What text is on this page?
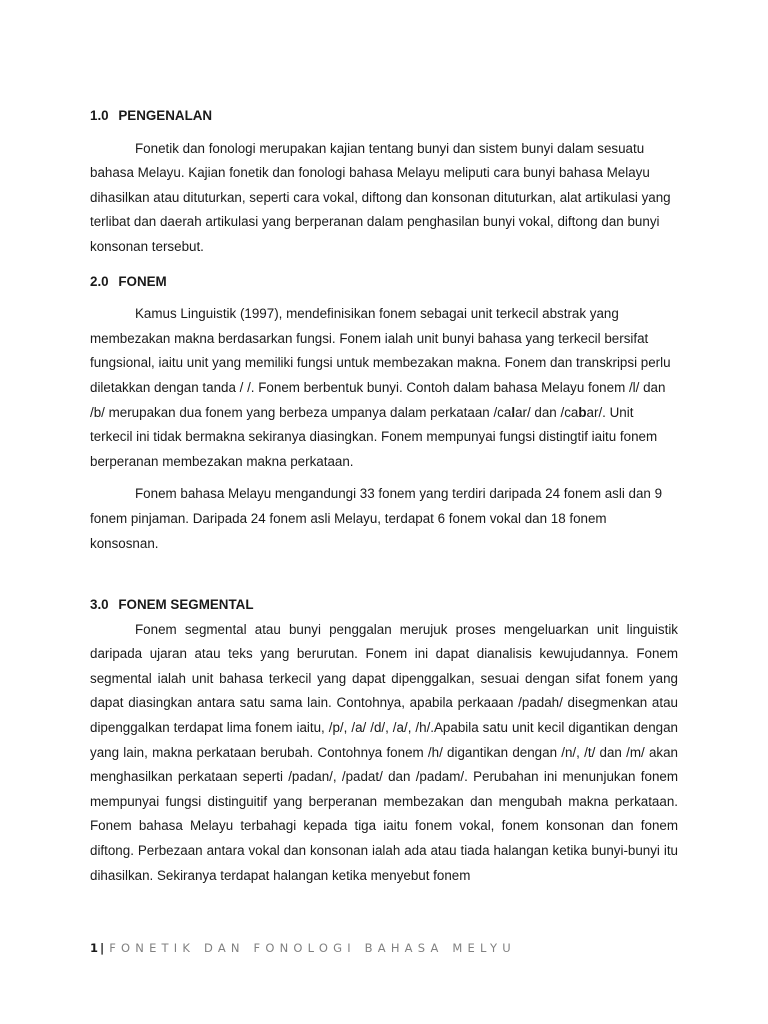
1.0 PENGENALAN

Fonetik dan fonologi merupakan kajian tentang bunyi dan sistem bunyi dalam sesuatu bahasa Melayu. Kajian fonetik dan fonologi bahasa Melayu meliputi cara bunyi bahasa Melayu dihasilkan atau dituturkan, seperti cara vokal, diftong dan konsonan dituturkan, alat artikulasi yang terlibat dan daerah artikulasi yang berperanan dalam penghasilan bunyi vokal, diftong dan bunyi konsonan tersebut.

2.0 FONEM

Kamus Linguistik (1997), mendefinisikan fonem sebagai unit terkecil abstrak yang membezakan makna berdasarkan fungsi. Fonem ialah unit bunyi bahasa yang terkecil bersifat fungsional, iaitu unit yang memiliki fungsi untuk membezakan makna. Fonem dan transkripsi perlu diletakkan dengan tanda / /. Fonem berbentuk bunyi. Contoh dalam bahasa Melayu fonem /l/ dan /b/ merupakan dua fonem yang berbeza umpanya dalam perkataan /calar/ dan /cabar/. Unit terkecil ini tidak bermakna sekiranya diasingkan. Fonem mempunyai fungsi distingtif iaitu fonem berperanan membezakan makna perkataan.

Fonem bahasa Melayu mengandungi 33 fonem yang terdiri daripada 24 fonem asli dan 9 fonem pinjaman. Daripada 24 fonem asli Melayu, terdapat 6 fonem vokal dan 18 fonem konsosnan.

3.0 FONEM SEGMENTAL

Fonem segmental atau bunyi penggalan merujuk proses mengeluarkan unit linguistik daripada ujaran atau teks yang berurutan. Fonem ini dapat dianalisis kewujudannya. Fonem segmental ialah unit bahasa terkecil yang dapat dipenggalkan, sesuai dengan sifat fonem yang dapat diasingkan antara satu sama lain. Contohnya, apabila perkaaan /padah/ disegmenkan atau dipenggalkan terdapat lima fonem iaitu, /p/, /a/ /d/, /a/, /h/.Apabila satu unit kecil digantikan dengan yang lain, makna perkataan berubah. Contohnya fonem /h/ digantikan dengan /n/, /t/ dan /m/ akan menghasilkan perkataan seperti /padan/, /padat/ dan /padam/. Perubahan ini menunjukan fonem mempunyai fungsi distinguitif yang berperanan membezakan dan mengubah makna perkataan. Fonem bahasa Melayu terbahagi kepada tiga iaitu fonem vokal, fonem konsonan dan fonem diftong. Perbezaan antara vokal dan konsonan ialah ada atau tiada halangan ketika bunyi-bunyi itu dihasilkan. Sekiranya terdapat halangan ketika menyebut fonem

1 | FONETIK DAN FONOLOGI BAHASA MELYU
